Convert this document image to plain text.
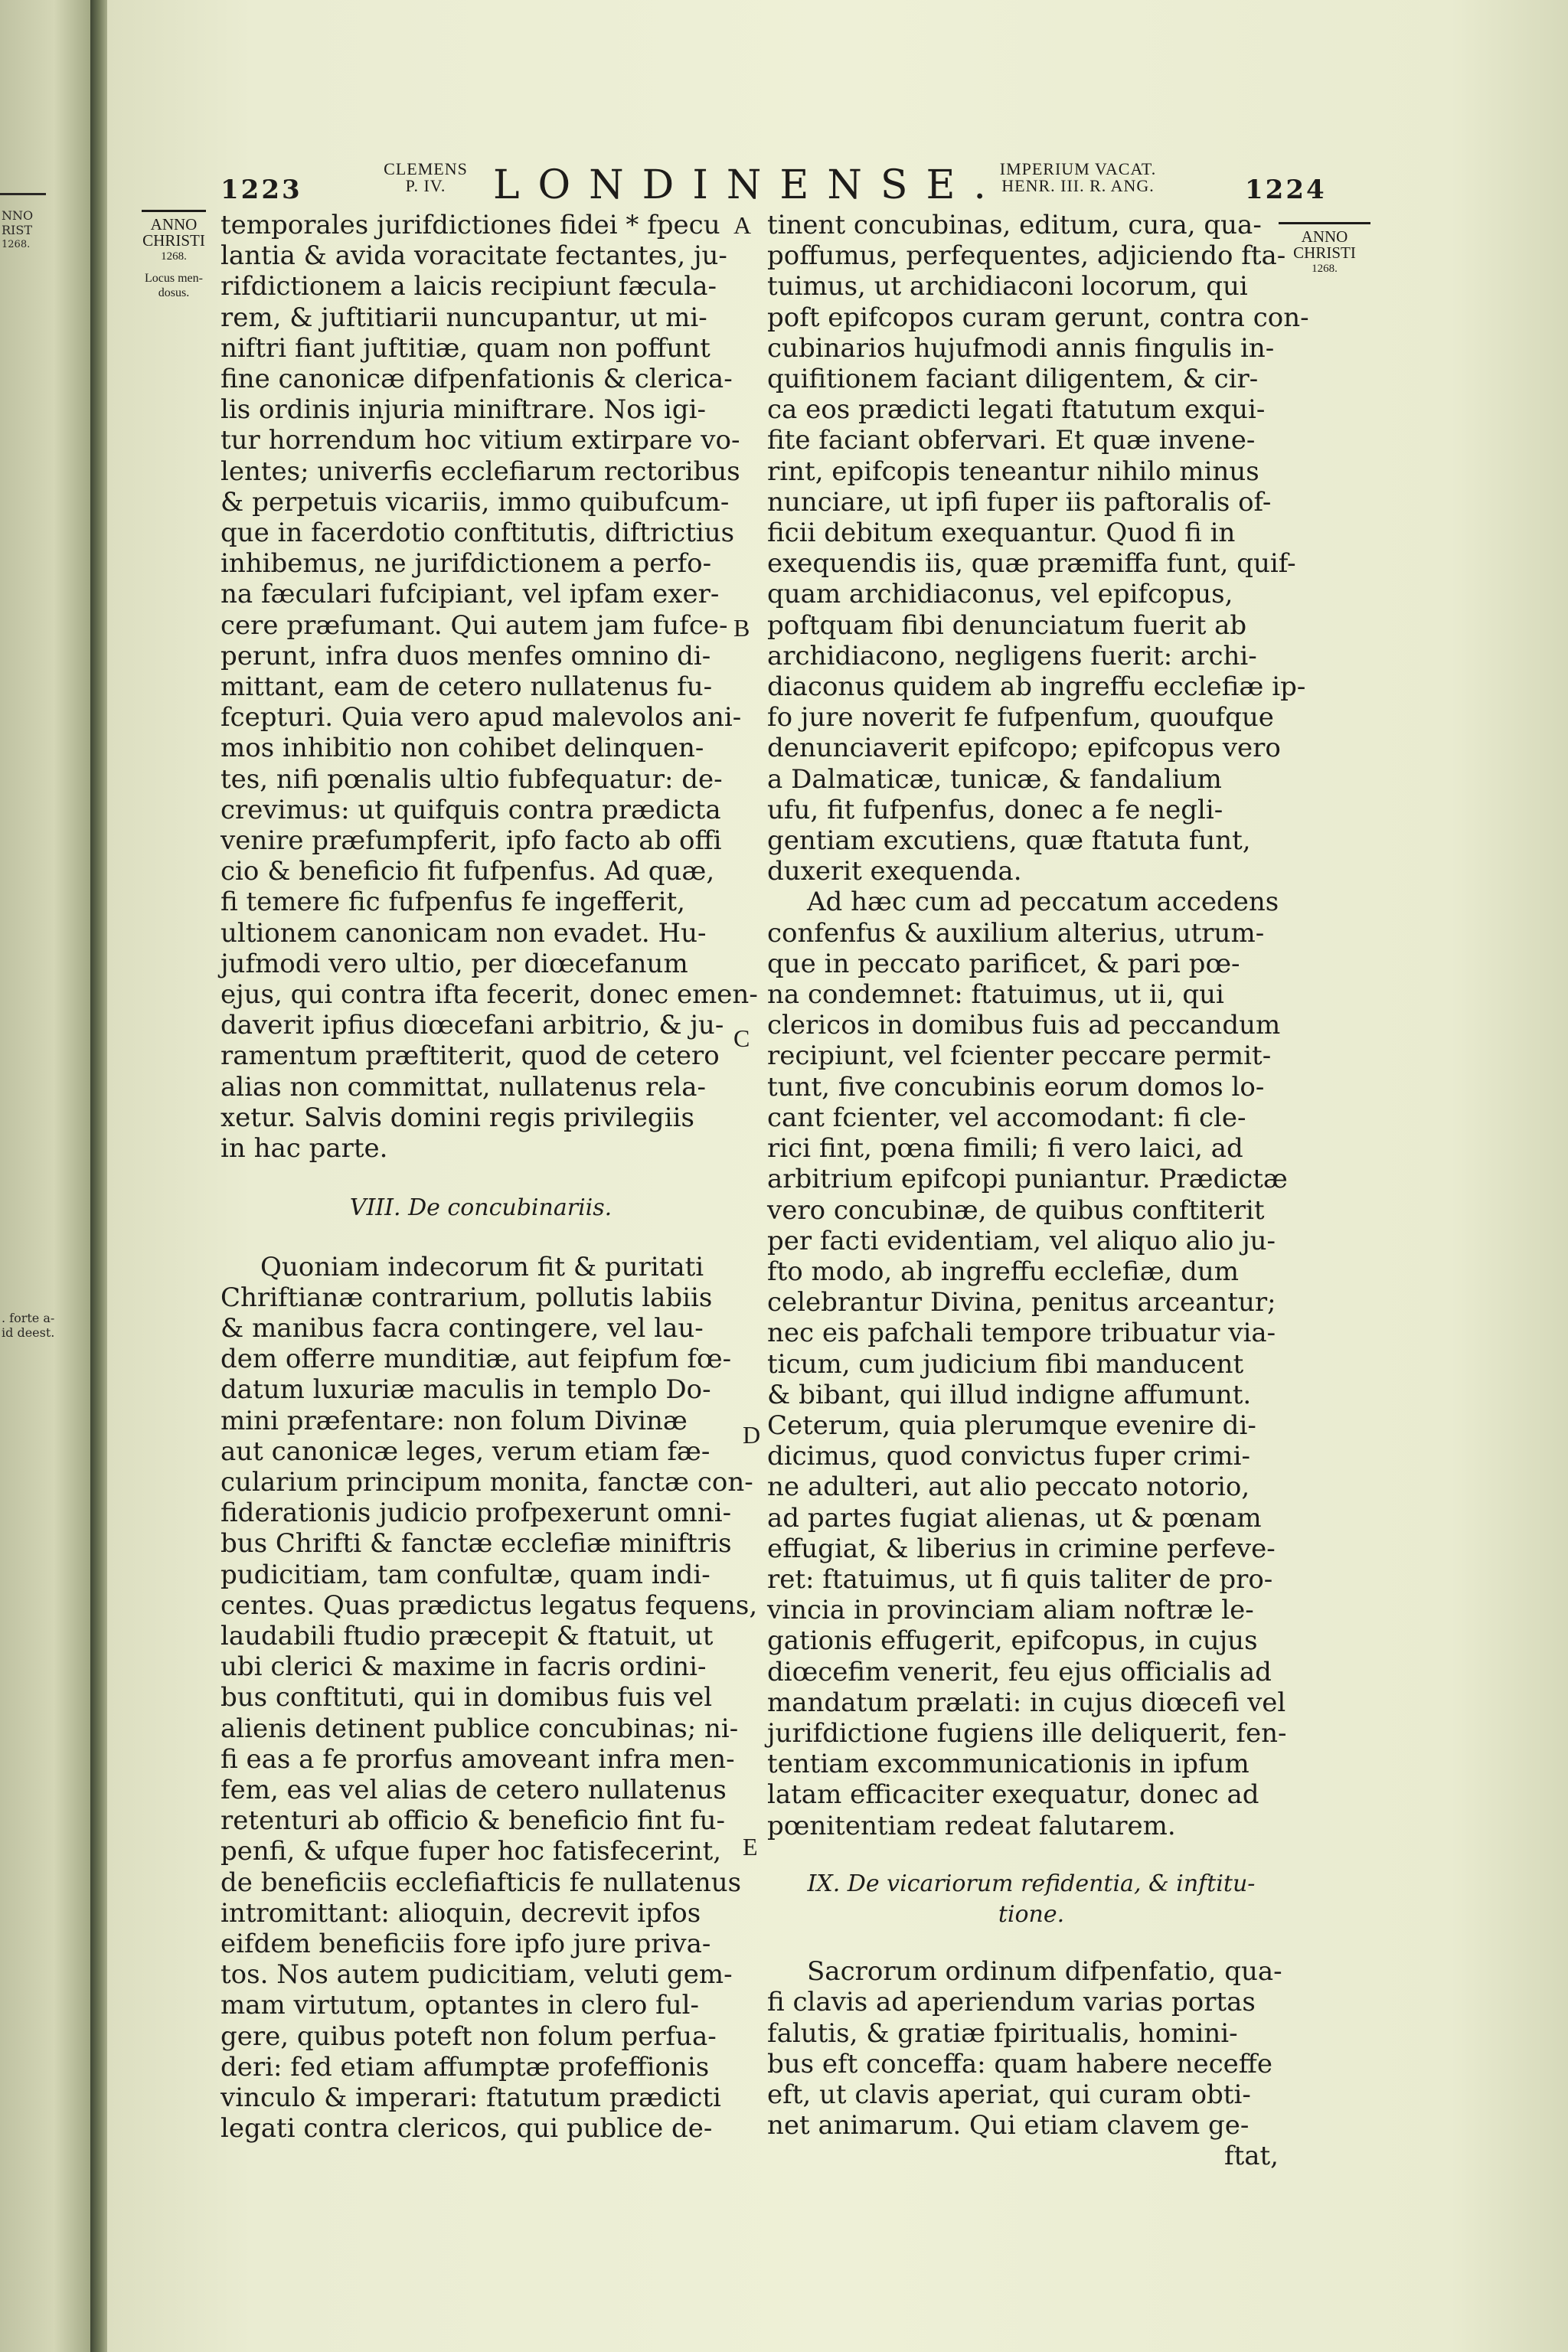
NNO
RIST
1268.
. forte a-
id deest.
1223
CLEMENS
P. IV.	LONDINENSE.
IMPERIUM VACAT.
HENR. III. R. ANG.	1224
ANNO
CHRISTI
1268.
Locus men-
dosus.
ANNO
CHRISTI
1268.
A
B
C
D
E

temporales jurifdictiones fidei * fpecu

lantia & avida voracitate fectantes, ju-

rifdictionem a laicis recipiunt fæcula-

rem, & juftitiarii nuncupantur, ut mi-

niftri fiant juftitiæ, quam non poffunt

fine canonicæ difpenfationis & clerica-

lis ordinis injuria miniftrare. Nos igi-

tur horrendum hoc vitium extirpare vo-

lentes; univerfis ecclefiarum rectoribus

& perpetuis vicariis, immo quibufcum-

que in facerdotio conftitutis, diftrictius

inhibemus, ne jurifdictionem a perfo-

na fæculari fufcipiant, vel ipfam exer-

cere præfumant. Qui autem jam fufce-

perunt, infra duos menfes omnino di-

mittant, eam de cetero nullatenus fu-

fcepturi. Quia vero apud malevolos ani-

mos inhibitio non cohibet delinquen-

tes, nifi pœnalis ultio fubfequatur: de-

crevimus: ut quifquis contra prædicta

venire præfumpferit, ipfo facto ab offi

cio & beneficio fit fufpenfus. Ad quæ,

fi temere fic fufpenfus fe ingefferit,

ultionem canonicam non evadet. Hu-

jufmodi vero ultio, per diœcefanum

ejus, qui contra ifta fecerit, donec emen-

daverit ipfius diœcefani arbitrio, & ju-

ramentum præftiterit, quod de cetero

alias non committat, nullatenus rela-

xetur. Salvis domini regis privilegiis

in hac parte.

VIII. De concubinariis.

Quoniam indecorum fit & puritati

Chriftianæ contrarium, pollutis labiis

& manibus facra contingere, vel lau-

dem offerre munditiæ, aut feipfum fœ-

datum luxuriæ maculis in templo Do-

mini præfentare: non folum Divinæ

aut canonicæ leges, verum etiam fæ-

cularium principum monita, fanctæ con-

fiderationis judicio profpexerunt omni-

bus Chrifti & fanctæ ecclefiæ miniftris

pudicitiam, tam confultæ, quam indi-

centes. Quas prædictus legatus fequens,

laudabili ftudio præcepit & ftatuit, ut

ubi clerici & maxime in facris ordini-

bus conftituti, qui in domibus fuis vel

alienis detinent publice concubinas; ni-

fi eas a fe prorfus amoveant infra men-

fem, eas vel alias de cetero nullatenus

retenturi ab officio & beneficio fint fu-

penfi, & ufque fuper hoc fatisfecerint,

de beneficiis ecclefiafticis fe nullatenus

intromittant: alioquin, decrevit ipfos

eifdem beneficiis fore ipfo jure priva-

tos. Nos autem pudicitiam, veluti gem-

mam virtutum, optantes in clero ful-

gere, quibus poteft non folum perfua-

deri: fed etiam affumptæ profeffionis

vinculo & imperari: ftatutum prædicti

legati contra clericos, qui publice de-

tinent concubinas, editum, cura, qua-

poffumus, perfequentes, adjiciendo fta-

tuimus, ut archidiaconi locorum, qui

poft epifcopos curam gerunt, contra con-

cubinarios hujufmodi annis fingulis in-

quifitionem faciant diligentem, & cir-

ca eos prædicti legati ftatutum exqui-

fite faciant obfervari. Et quæ invene-

rint, epifcopis teneantur nihilo minus

nunciare, ut ipfi fuper iis paftoralis of-

ficii debitum exequantur. Quod fi in

exequendis iis, quæ præmiffa funt, quif-

quam archidiaconus, vel epifcopus,

poftquam fibi denunciatum fuerit ab

archidiacono, negligens fuerit: archi-

diaconus quidem ab ingreffu ecclefiæ ip-

fo jure noverit fe fufpenfum, quoufque

denunciaverit epifcopo; epifcopus vero

a Dalmaticæ, tunicæ, & fandalium

ufu, fit fufpenfus, donec a fe negli-

gentiam excutiens, quæ ftatuta funt,

duxerit exequenda.

Ad hæc cum ad peccatum accedens

confenfus & auxilium alterius, utrum-

que in peccato parificet, & pari pœ-

na condemnet: ftatuimus, ut ii, qui

clericos in domibus fuis ad peccandum

recipiunt, vel fcienter peccare permit-

tunt, five concubinis eorum domos lo-

cant fcienter, vel accomodant: fi cle-

rici fint, pœna fimili; fi vero laici, ad

arbitrium epifcopi puniantur. Prædictæ

vero concubinæ, de quibus conftiterit

per facti evidentiam, vel aliquo alio ju-

fto modo, ab ingreffu ecclefiæ, dum

celebrantur Divina, penitus arceantur;

nec eis pafchali tempore tribuatur via-

ticum, cum judicium fibi manducent

& bibant, qui illud indigne affumunt.

Ceterum, quia plerumque evenire di-

dicimus, quod convictus fuper crimi-

ne adulteri, aut alio peccato notorio,

ad partes fugiat alienas, ut & pœnam

effugiat, & liberius in crimine perfeve-

ret: ftatuimus, ut fi quis taliter de pro-

vincia in provinciam aliam noftræ le-

gationis effugerit, epifcopus, in cujus

diœcefim venerit, feu ejus officialis ad

mandatum prælati: in cujus diœcefi vel

jurifdictione fugiens ille deliquerit, fen-

tentiam excommunicationis in ipfum

latam efficaciter exequatur, donec ad

pœnitentiam redeat falutarem.

IX. De vicariorum refidentia, & inftitu-

tione.

Sacrorum ordinum difpenfatio, qua-

fi clavis ad aperiendum varias portas

falutis, & gratiæ fpiritualis, homini-

bus eft conceffa: quam habere neceffe

eft, ut clavis aperiat, qui curam obti-

net animarum. Qui etiam clavem ge-

ftat,
